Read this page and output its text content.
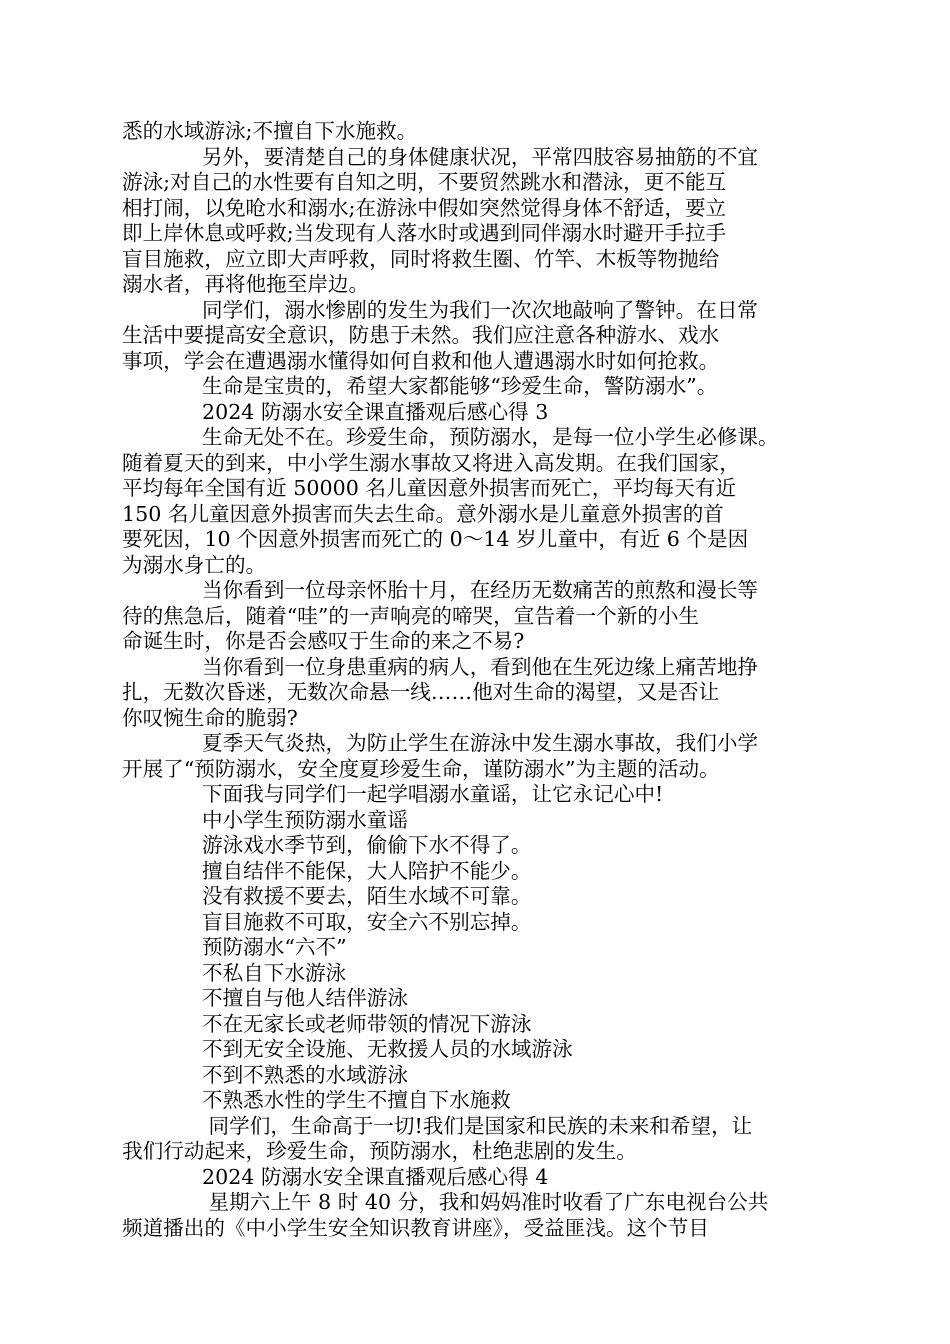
悉的水域游泳;不擅自下水施救。
另外，要清楚自己的身体健康状况，平常四肢容易抽筋的不宜
游泳;对自己的水性要有自知之明，不要贸然跳水和潜泳，更不能互
相打闹，以免呛水和溺水;在游泳中假如突然觉得身体不舒适，要立
即上岸休息或呼救;当发现有人落水时或遇到同伴溺水时避开手拉手
盲目施救，应立即大声呼救，同时将救生圈、竹竿、木板等物抛给
溺水者，再将他拖至岸边。
同学们，溺水惨剧的发生为我们一次次地敲响了警钟。在日常
生活中要提高安全意识，防患于未然。我们应注意各种游水、戏水
事项，学会在遭遇溺水懂得如何自救和他人遭遇溺水时如何抢救。
生命是宝贵的，希望大家都能够“珍爱生命，警防溺水”。
2024 防溺水安全课直播观后感心得 3
生命无处不在。珍爱生命，预防溺水，是每一位小学生必修课。
随着夏天的到来，中小学生溺水事故又将进入高发期。在我们国家，
平均每年全国有近 50000 名儿童因意外损害而死亡，平均每天有近
150 名儿童因意外损害而失去生命。意外溺水是儿童意外损害的首
要死因，10 个因意外损害而死亡的 0～14 岁儿童中，有近 6 个是因
为溺水身亡的。
当你看到一位母亲怀胎十月，在经历无数痛苦的煎熬和漫长等
待的焦急后，随着“哇”的一声响亮的啼哭，宣告着一个新的小生
命诞生时，你是否会感叹于生命的来之不易?
当你看到一位身患重病的病人，看到他在生死边缘上痛苦地挣
扎，无数次昏迷，无数次命悬一线……他对生命的渴望，又是否让
你叹惋生命的脆弱?
夏季天气炎热，为防止学生在游泳中发生溺水事故，我们小学
开展了“预防溺水，安全度夏珍爱生命，谨防溺水”为主题的活动。
下面我与同学们一起学唱溺水童谣，让它永记心中!
中小学生预防溺水童谣
游泳戏水季节到，偷偷下水不得了。
擅自结伴不能保，大人陪护不能少。
没有救援不要去，陌生水域不可靠。
盲目施救不可取，安全六不别忘掉。
预防溺水“六不”
不私自下水游泳
不擅自与他人结伴游泳
不在无家长或老师带领的情况下游泳
不到无安全设施、无救援人员的水域游泳
不到不熟悉的水域游泳
不熟悉水性的学生不擅自下水施救
同学们，生命高于一切!我们是国家和民族的未来和希望，让
我们行动起来，珍爱生命，预防溺水，杜绝悲剧的发生。
2024 防溺水安全课直播观后感心得 4
星期六上午 8 时 40 分，我和妈妈准时收看了广东电视台公共
频道播出的《中小学生安全知识教育讲座》，受益匪浅。这个节目
